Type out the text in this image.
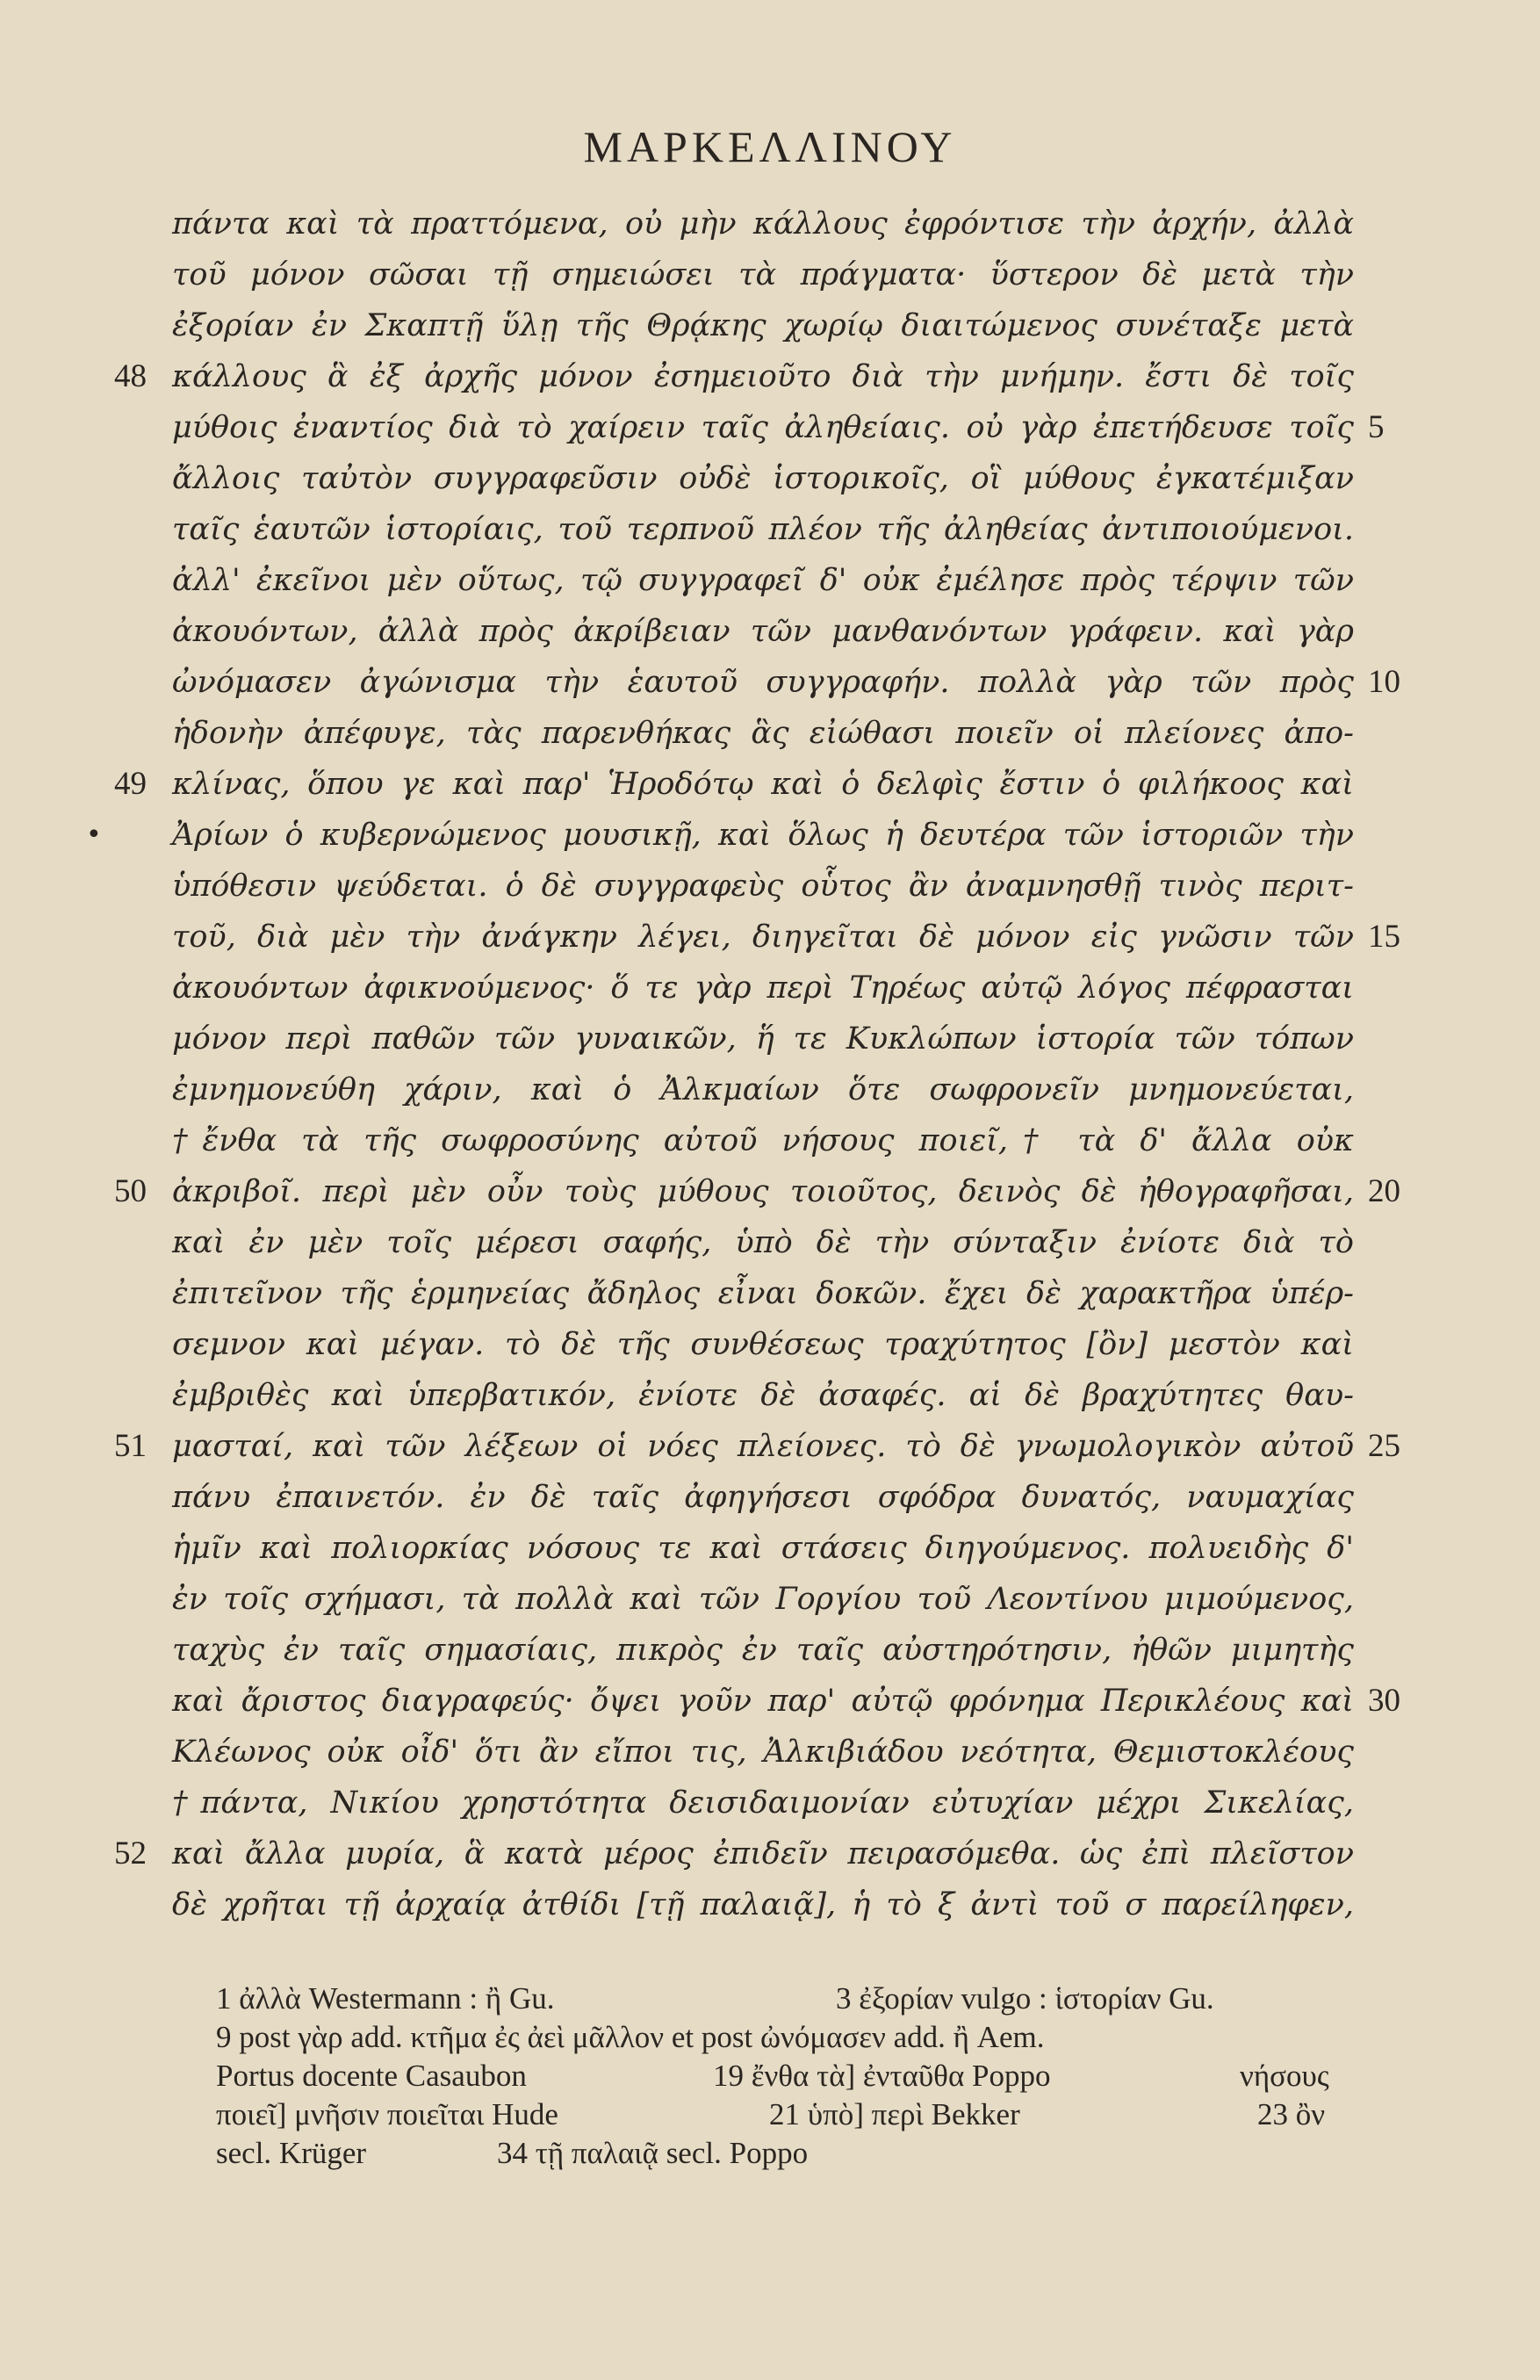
ΜΑΡΚΕΛΛΙΝΟΥ
πάντα καὶ τὰ πραττόμενα, οὐ μὴν κάλλους ἐφρόντισε τὴν ἀρχήν, ἀλλὰ
τοῦ μόνον σῶσαι τῇ σημειώσει τὰ πράγματα· ὕστερον δὲ μετὰ τὴν
ἐξορίαν ἐν Σκαπτῇ ὕλῃ τῆς Θρᾴκης χωρίῳ διαιτώμενος συνέταξε μετὰ
κάλλους ἃ ἐξ ἀρχῆς μόνον ἐσημειοῦτο διὰ τὴν μνήμην. ἔστι δὲ τοῖς
μύθοις ἐναντίος διὰ τὸ χαίρειν ταῖς ἀληθείαις. οὐ γὰρ ἐπετήδευσε τοῖς
ἄλλοις ταὐτὸν συγγραφεῦσιν οὐδὲ ἱστορικοῖς, οἳ μύθους ἐγκατέμιξαν
ταῖς ἑαυτῶν ἱστορίαις, τοῦ τερπνοῦ πλέον τῆς ἀληθείας ἀντιποιούμενοι.
ἀλλ' ἐκεῖνοι μὲν οὕτως, τῷ συγγραφεῖ δ' οὐκ ἐμέλησε πρὸς τέρψιν τῶν
ἀκουόντων, ἀλλὰ πρὸς ἀκρίβειαν τῶν μανθανόντων γράφειν. καὶ γὰρ
ὠνόμασεν ἀγώνισμα τὴν ἑαυτοῦ συγγραφήν. πολλὰ γὰρ τῶν πρὸς
ἡδονὴν ἀπέφυγε, τὰς παρενθήκας ἃς εἰώθασι ποιεῖν οἱ πλείονες ἀπο-
κλίνας, ὅπου γε καὶ παρ' Ἡροδότῳ καὶ ὁ δελφὶς ἔστιν ὁ φιλήκοος καὶ
Ἀρίων ὁ κυβερνώμενος μουσικῇ, καὶ ὅλως ἡ δευτέρα τῶν ἱστοριῶν τὴν
ὑπόθεσιν ψεύδεται. ὁ δὲ συγγραφεὺς οὗτος ἂν ἀναμνησθῇ τινὸς περιτ-
τοῦ, διὰ μὲν τὴν ἀνάγκην λέγει, διηγεῖται δὲ μόνον εἰς γνῶσιν τῶν
ἀκουόντων ἀφικνούμενος· ὅ τε γὰρ περὶ Τηρέως αὐτῷ λόγος πέφρασται
μόνον περὶ παθῶν τῶν γυναικῶν, ἥ τε Κυκλώπων ἱστορία τῶν τόπων
ἐμνημονεύθη χάριν, καὶ ὁ Ἀλκμαίων ὅτε σωφρονεῖν μνημονεύεται,
†ἔνθα τὰ τῆς σωφροσύνης αὐτοῦ νήσους ποιεῖ,† τὰ δ' ἄλλα οὐκ
ἀκριβοῖ. περὶ μὲν οὖν τοὺς μύθους τοιοῦτος, δεινὸς δὲ ἠθογραφῆσαι,
καὶ ἐν μὲν τοῖς μέρεσι σαφής, ὑπὸ δὲ τὴν σύνταξιν ἐνίοτε διὰ τὸ
ἐπιτεῖνον τῆς ἑρμηνείας ἄδηλος εἶναι δοκῶν. ἔχει δὲ χαρακτῆρα ὑπέρ-
σεμνον καὶ μέγαν. τὸ δὲ τῆς συνθέσεως τραχύτητος [ὂν] μεστὸν καὶ
ἐμβριθὲς καὶ ὑπερβατικόν, ἐνίοτε δὲ ἀσαφές. αἱ δὲ βραχύτητες θαυ-
μασταί, καὶ τῶν λέξεων οἱ νόες πλείονες. τὸ δὲ γνωμολογικὸν αὐτοῦ
πάνυ ἐπαινετόν. ἐν δὲ ταῖς ἀφηγήσεσι σφόδρα δυνατός, ναυμαχίας
ἡμῖν καὶ πολιορκίας νόσους τε καὶ στάσεις διηγούμενος. πολυειδὴς δ'
ἐν τοῖς σχήμασι, τὰ πολλὰ καὶ τῶν Γοργίου τοῦ Λεοντίνου μιμούμενος,
ταχὺς ἐν ταῖς σημασίαις, πικρὸς ἐν ταῖς αὐστηρότησιν, ἠθῶν μιμητὴς
καὶ ἄριστος διαγραφεύς· ὄψει γοῦν παρ' αὐτῷ φρόνημα Περικλέους καὶ
Κλέωνος οὐκ οἶδ' ὅτι ἂν εἴποι τις, Ἀλκιβιάδου νεότητα, Θεμιστοκλέους
†πάντα, Νικίου χρηστότητα δεισιδαιμονίαν εὐτυχίαν μέχρι Σικελίας,
καὶ ἄλλα μυρία, ἃ κατὰ μέρος ἐπιδεῖν πειρασόμεθα. ὡς ἐπὶ πλεῖστον
δὲ χρῆται τῇ ἀρχαίᾳ ἀτθίδι [τῇ παλαιᾷ], ἡ τὸ ξ ἀντὶ τοῦ σ παρείληφεν,
48
49
50
51
52
•
5
10
15
20
25
30
1 ἀλλὰ Westermann : ἢ Gu.	3 ἐξορίαν vulgo : ἱστορίαν Gu.
9 post γὰρ add. κτῆμα ἐς ἀεὶ μᾶλλον et post ὠνόμασεν add. ἢ Aem.
Portus docente Casaubon	19 ἔνθα τὰ] ἐνταῦθα Poppo	νήσους
ποιεῖ] μνῆσιν ποιεῖται Hude	21 ὑπὸ] περὶ Bekker	23 ὂν
secl. Krüger	34 τῇ παλαιᾷ secl. Poppo
